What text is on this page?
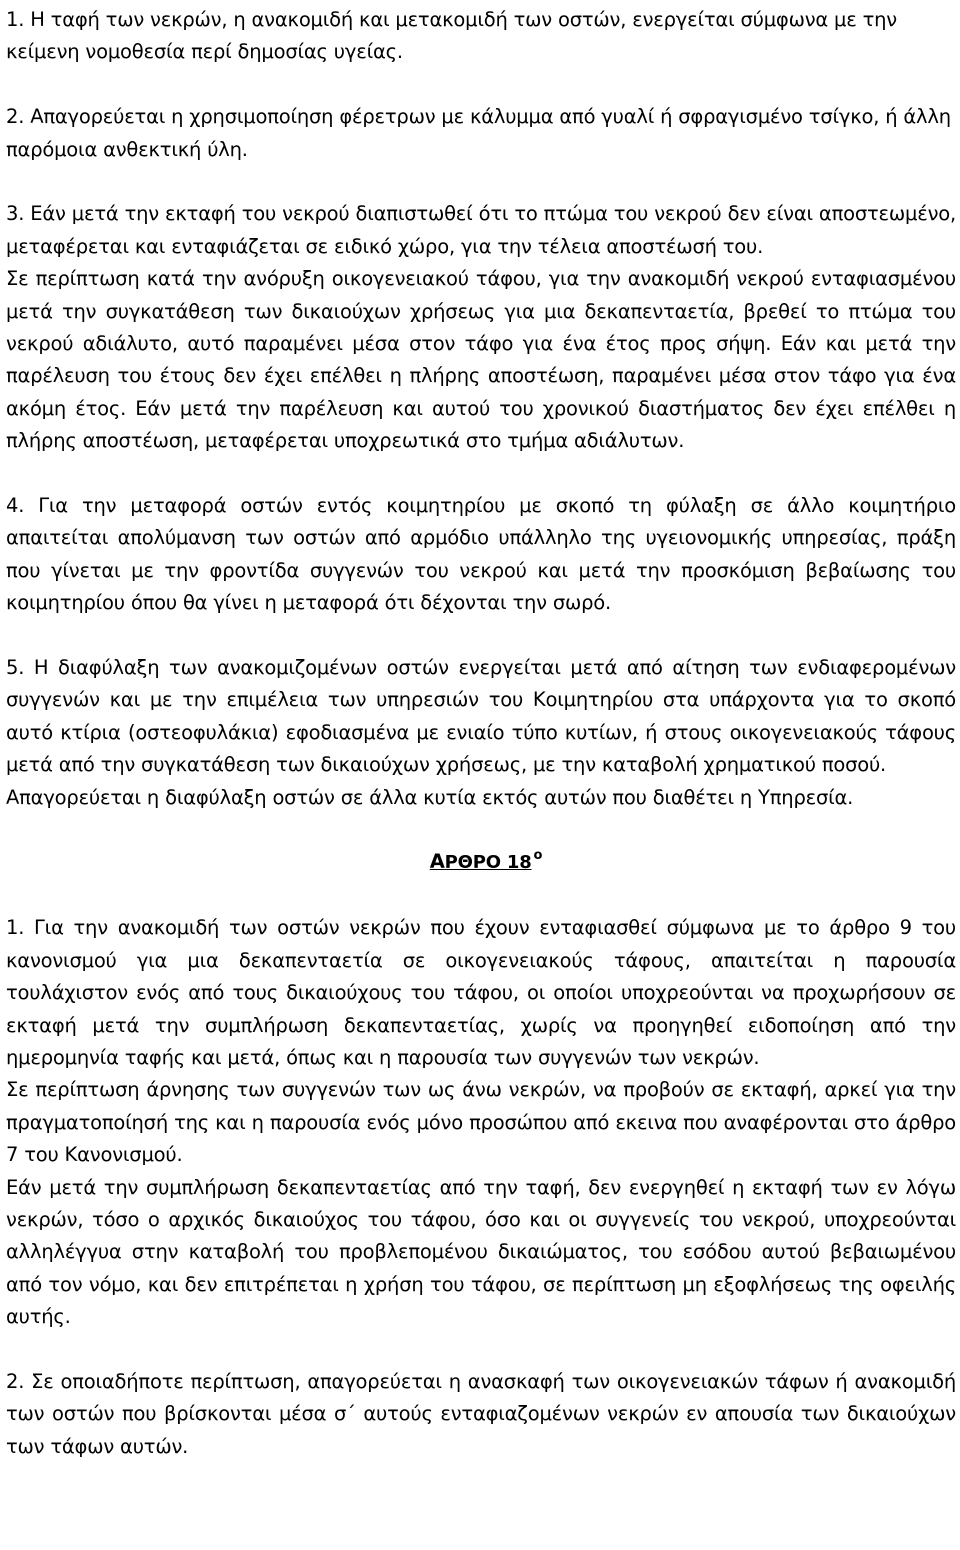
1. Η ταφή των νεκρών, η ανακομιδή και μετακομιδή των οστών, ενεργείται σύμφωνα με την κείμενη νομοθεσία περί δημοσίας υγείας.

2. Απαγορεύεται η χρησιμοποίηση φέρετρων με κάλυμμα από γυαλί ή σφραγισμένο τσίγκο, ή άλλη παρόμοια ανθεκτική ύλη.

3. Εάν μετά την εκταφή του νεκρού διαπιστωθεί ότι το πτώμα του νεκρού δεν είναι αποστεωμένο, μεταφέρεται και ενταφιάζεται σε ειδικό χώρο, για την τέλεια αποστέωσή του.

Σε περίπτωση κατά την ανόρυξη οικογενειακού τάφου, για την ανακομιδή νεκρού ενταφιασμένου μετά την συγκατάθεση των δικαιούχων χρήσεως για μια δεκαπενταετία, βρεθεί το πτώμα του νεκρού αδιάλυτο, αυτό παραμένει μέσα στον τάφο για ένα έτος προς σήψη. Εάν και μετά την παρέλευση του έτους δεν έχει επέλθει η πλήρης αποστέωση, παραμένει μέσα στον τάφο για ένα ακόμη έτος. Εάν μετά την παρέλευση και αυτού του χρονικού διαστήματος δεν έχει επέλθει η πλήρης αποστέωση, μεταφέρεται υποχρεωτικά στο τμήμα αδιάλυτων.

4. Για την μεταφορά οστών εντός κοιμητηρίου με σκοπό τη φύλαξη σε άλλο κοιμητήριο απαιτείται απολύμανση των οστών από αρμόδιο υπάλληλο της υγειονομικής υπηρεσίας, πράξη που γίνεται με την φροντίδα συγγενών του νεκρού και μετά την προσκόμιση βεβαίωσης του κοιμητηρίου όπου θα γίνει η μεταφορά ότι δέχονται την σωρό.

5. Η διαφύλαξη των ανακομιζομένων οστών ενεργείται μετά από αίτηση των ενδιαφερομένων συγγενών και με την επιμέλεια των υπηρεσιών του Κοιμητηρίου στα υπάρχοντα για το σκοπό αυτό κτίρια (οστεοφυλάκια) εφοδιασμένα με ενιαίο τύπο κυτίων, ή στους οικογενειακούς τάφους μετά από την συγκατάθεση των δικαιούχων χρήσεως, με την καταβολή χρηματικού ποσού.

Απαγορεύεται η διαφύλαξη οστών σε άλλα κυτία εκτός αυτών που διαθέτει η Υπηρεσία.

ΑΡΘΡΟ 18 $^o$

1. Για την ανακομιδή των οστών νεκρών που έχουν ενταφιασθεί σύμφωνα με το άρθρο 9 του κανονισμού για μια δεκαπενταετία σε οικογενειακούς τάφους, απαιτείται η παρουσία τουλάχιστον ενός από τους δικαιούχους του τάφου, οι οποίοι υποχρεούνται να προχωρήσουν σε εκταφή μετά την συμπλήρωση δεκαπενταετίας, χωρίς να προηγηθεί ειδοποίηση από την ημερομηνία ταφής και μετά, όπως και η παρουσία των συγγενών των νεκρών.

Σε περίπτωση άρνησης των συγγενών των ως άνω νεκρών, να προβούν σε εκταφή, αρκεί για την πραγματοποίησή της και η παρουσία ενός μόνο προσώπου από εκεινα που αναφέρονται στο άρθρο 7 του Κανονισμού.

Εάν μετά την συμπλήρωση δεκαπενταετίας από την ταφή, δεν ενεργηθεί η εκταφή των εν λόγω νεκρών, τόσο ο αρχικός δικαιούχος του τάφου, όσο και οι συγγενείς του νεκρού, υποχρεούνται αλληλέγγυα στην καταβολή του προβλεπομένου δικαιώματος, του εσόδου αυτού βεβαιωμένου από τον νόμο, και δεν επιτρέπεται η χρήση του τάφου, σε περίπτωση μη εξοφλήσεως της οφειλής αυτής.

2. Σε οποιαδήποτε περίπτωση, απαγορεύεται η ανασκαφή των οικογενειακών τάφων ή ανακομιδή των οστών που βρίσκονται μέσα σ΄ αυτούς ενταφιαζομένων νεκρών εν απουσία των δικαιούχων των τάφων αυτών.
